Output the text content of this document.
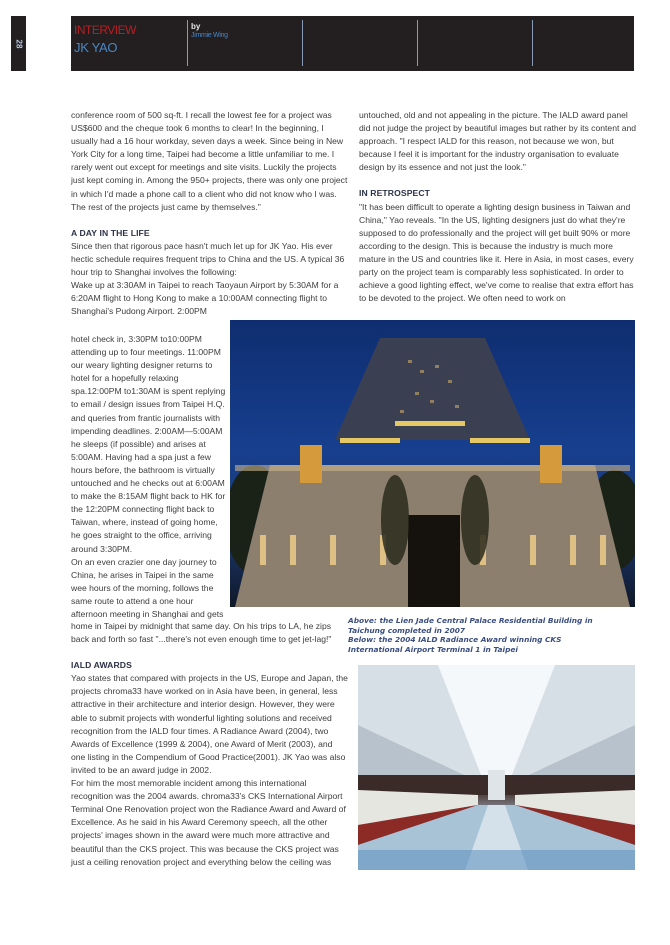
28
INTERVIEW
JK YAO
by
Jimmie Wing

conference room of 500 sq-ft. I recall the lowest fee for a project was US$600 and the cheque took 6 months to clear! In the beginning, I usually had a 16 hour workday, seven days a week. Since being in New York City for a long time, Taipei had become a little unfamiliar to me. I rarely went out except for meetings and site visits. Luckily the projects just kept coming in. Among the 950+ projects, there was only one project in which I'd made a phone call to a client who did not know who I was. The rest of the projects just came by themselves."

A DAY IN THE LIFE

Since then that rigorous pace hasn't much let up for JK Yao. His ever hectic schedule requires frequent trips to China and the US. A typical 36 hour trip to Shanghai involves the following:

Wake up at 3:30AM in Taipei to reach Taoyaun Airport by 5:30AM for a 6:20AM flight to Hong Kong to make a 10:00AM connecting flight to Shanghai's Pudong Airport. 2:00PM

hotel check in, 3:30PM to10:00PM attending up to four meetings. 11:00PM our weary lighting designer returns to hotel for a hopefully relaxing spa.12:00PM to1:30AM is spent replying to email / design issues from Taipei H.Q. and queries from frantic journalists with impending deadlines. 2:00AM—5:00AM he sleeps (if possible) and arises at 5:00AM. Having had a spa just a few hours before, the bathroom is virtually untouched and he checks out at 6:00AM to make the 8:15AM flight back to HK for the 12:20PM connecting flight back to Taiwan, where, instead of going home, he goes straight to the office, arriving around 3:30PM.

On an even crazier one day journey to China, he arises in Taipei in the same wee hours of the morning, follows the same route to attend a one hour afternoon meeting in Shanghai and gets

home in Taipei by midnight that same day. On his trips to LA, he zips back and forth so fast "...there's not even enough time to get jet-lag!"

IALD AWARDS

Yao states that compared with projects in the US, Europe and Japan, the projects chroma33 have worked on in Asia have been, in general, less attractive in their architecture and interior design. However, they were able to submit projects with wonderful lighting solutions and received recognition from the IALD four times. A Radiance Award (2004), two Awards of Excellence (1999 & 2004), one Award of Merit (2003), and one listing in the Compendium of Good Practice(2001). JK Yao was also invited to be an award judge in 2002.

For him the most memorable incident among this international recognition was the 2004 awards. chroma33's CKS International Airport Terminal One Renovation project won the Radiance Award and Award of Excellence. As he said in his Award Ceremony speech, all the other projects' images shown in the award were much more attractive and beautiful than the CKS project. This was because the CKS project was just a ceiling renovation project and everything below the ceiling was

untouched, old and not appealing in the picture. The IALD award panel did not judge the project by beautiful images but rather by its content and approach. "I respect IALD for this reason, not because we won, but because I feel it is important for the industry organisation to evaluate design by its essence and not just the look."

IN RETROSPECT

"It has been difficult to operate a lighting design business in Taiwan and China," Yao reveals. "In the US, lighting designers just do what they're supposed to do professionally and the project will get built 90% or more according to the design. This is because the industry is much more mature in the US and countries like it. Here in Asia, in most cases, every party on the project team is comparably less sophisticated. In order to achieve a good lighting effect, we've come to realise that extra effort has to be devoted to the project. We often need to work on

Above: the Lien Jade Central Palace Residential Building in
Taichung completed in 2007
Below: the 2004 IALD Radiance Award winning CKS
International Airport Terminal 1 in Taipei
